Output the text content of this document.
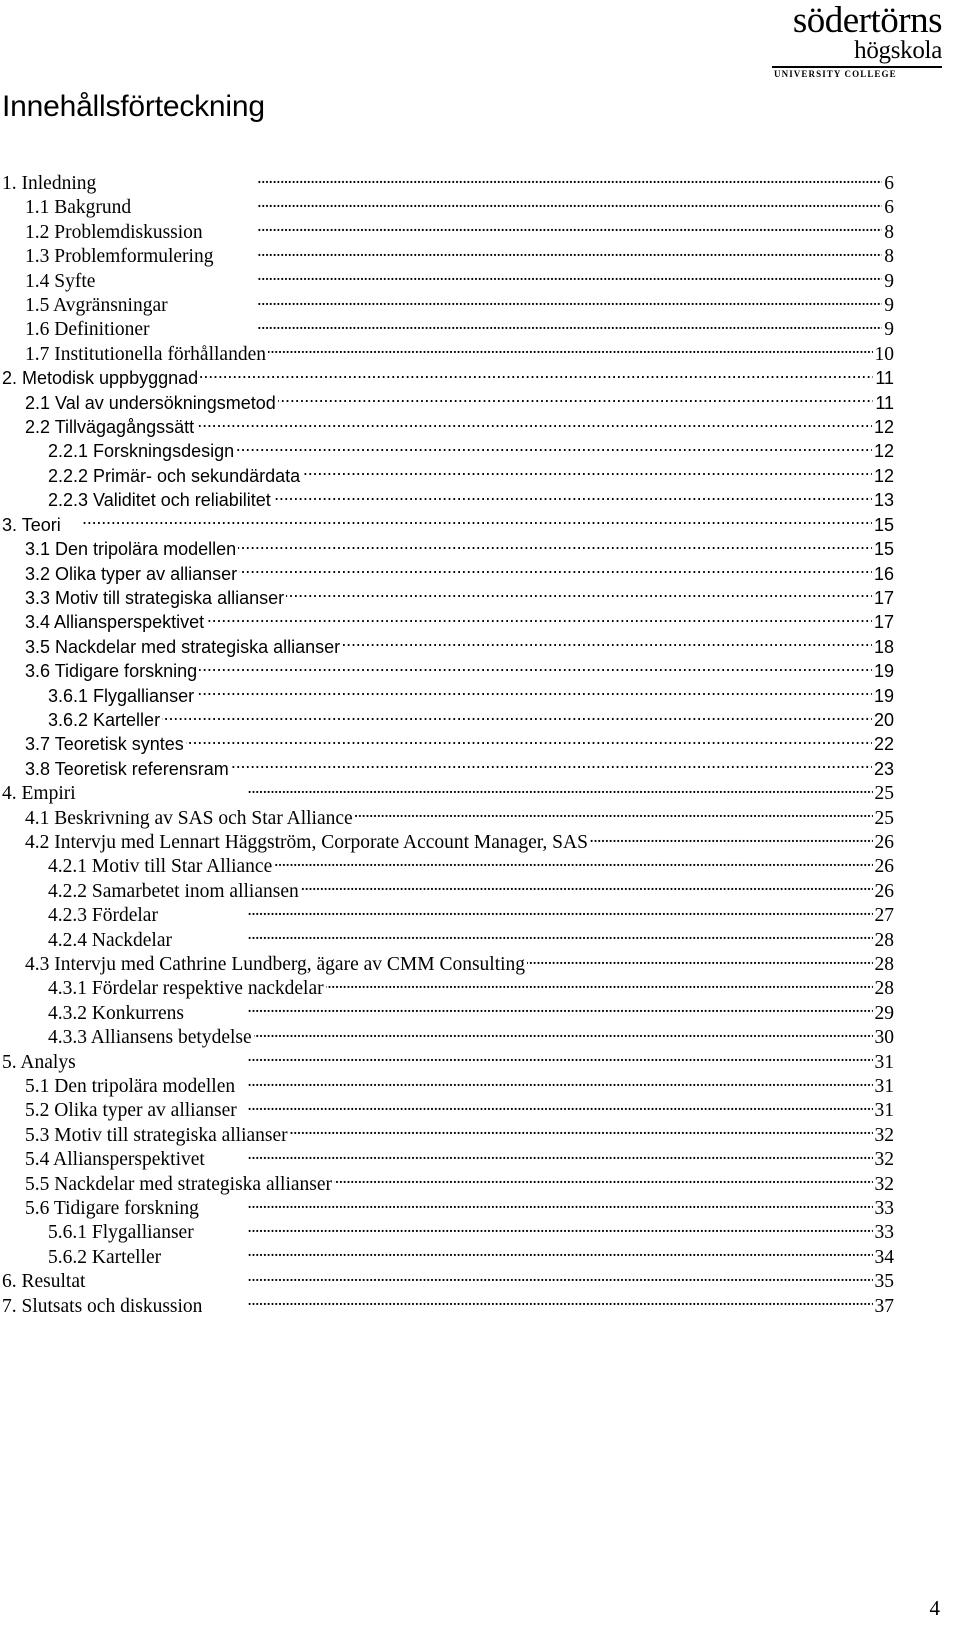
södertörns
högskola
UNIVERSITY COLLEGE
Innehållsförteckning
1. Inledning . . .	6
1.1 Bakgrund . . .	6
1.2 Problemdiskussion . . .	8
1.3 Problemformulering . . .	8
1.4 Syfte . . .	9
1.5 Avgränsningar . . .	9
1.6 Definitioner . . .	9
1.7 Institutionella förhållanden . . .	10
2. Metodisk uppbyggnad . . .	11
2.1 Val av undersökningsmetod . . .	11
2.2 Tillvägagångssätt . . .	12
2.2.1 Forskningsdesign . . .	12
2.2.2 Primär- och sekundärdata . . .	12
2.2.3 Validitet och reliabilitet . . .	13
3. Teori . . .	15
3.1 Den tripolära modellen . . .	15
3.2 Olika typer av allianser . . .	16
3.3 Motiv till strategiska allianser . . .	17
3.4 Alliansperspektivet . . .	17
3.5 Nackdelar med strategiska allianser . . .	18
3.6 Tidigare forskning . . .	19
3.6.1 Flygallianser . . .	19
3.6.2 Karteller . . .	20
3.7 Teoretisk syntes . . .	22
3.8 Teoretisk referensram . . .	23
4. Empiri . . .	25
4.1 Beskrivning av SAS och Star Alliance . . .	25
4.2 Intervju med Lennart Häggström, Corporate Account Manager, SAS . . .	26
4.2.1 Motiv till Star Alliance . . .	26
4.2.2 Samarbetet inom alliansen . . .	26
4.2.3 Fördelar . . .	27
4.2.4 Nackdelar . . .	28
4.3 Intervju med Cathrine Lundberg, ägare av CMM Consulting . . .	28
4.3.1 Fördelar respektive nackdelar . . .	28
4.3.2 Konkurrens . . .	29
4.3.3 Alliansens betydelse . . .	30
5. Analys . . .	31
5.1 Den tripolära modellen . . .	31
5.2 Olika typer av allianser . . .	31
5.3 Motiv till strategiska allianser . . .	32
5.4 Alliansperspektivet . . .	32
5.5 Nackdelar med strategiska allianser . . .	32
5.6 Tidigare forskning . . .	33
5.6.1 Flygallianser . . .	33
5.6.2 Karteller . . .	34
6. Resultat . . .	35
7. Slutsats och diskussion . . .	37
4
